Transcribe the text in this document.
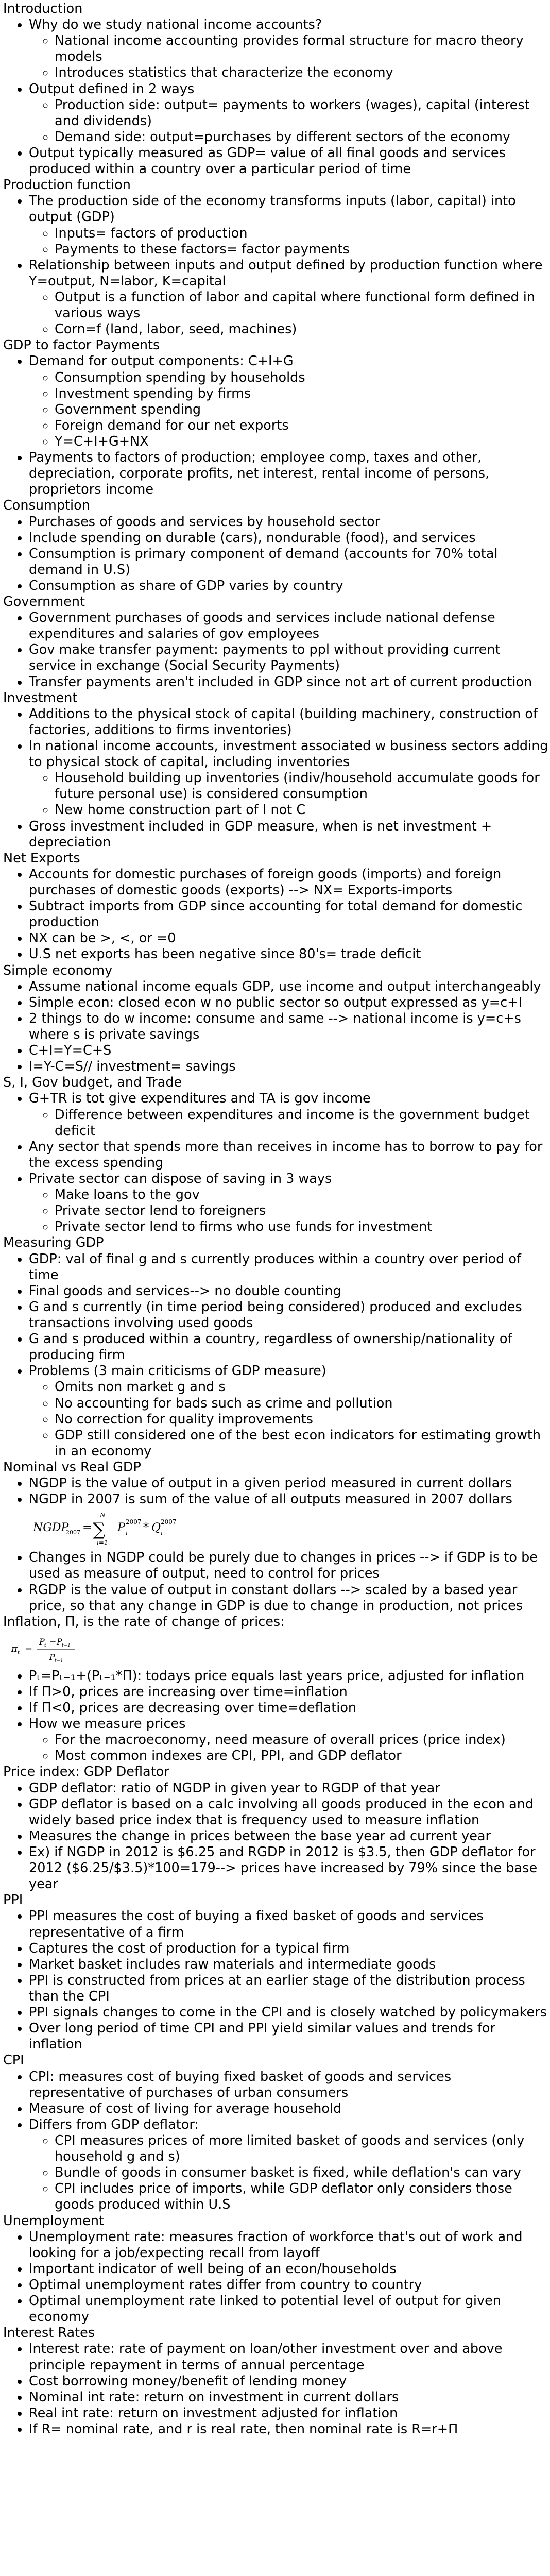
Introduction
• Why do we study national income accounts?
◦ National income accounting provides formal structure for macro theory models
◦ Introduces statistics that characterize the economy
• Output defined in 2 ways
◦ Production side: output= payments to workers (wages), capital (interest and dividends)
◦ Demand side: output=purchases by different sectors of the economy
• Output typically measured as GDP= value of all final goods and services produced within a country over a particular period of time
Production function
• The production side of the economy transforms inputs (labor, capital) into output (GDP)
◦ Inputs= factors of production
◦ Payments to these factors= factor payments
• Relationship between inputs and output defined by production function where Y=output, N=labor, K=capital
◦ Output is a function of labor and capital where functional form defined in various ways
◦ Corn=f (land, labor, seed, machines)
GDP to factor Payments
• Demand for output components: C+I+G
◦ Consumption spending by households
◦ Investment spending by firms
◦ Government spending
◦ Foreign demand for our net exports
◦ Y=C+I+G+NX
• Payments to factors of production; employee comp, taxes and other, depreciation, corporate profits, net interest, rental income of persons, proprietors income
Consumption
• Purchases of goods and services by household sector
• Include spending on durable (cars), nondurable (food), and services
• Consumption is primary component of demand (accounts for 70% total demand in U.S)
• Consumption as share of GDP varies by country
Government
• Government purchases of goods and services include national defense expenditures and salaries of gov employees
• Gov make transfer payment: payments to ppl without providing current service in exchange (Social Security Payments)
• Transfer payments aren't included in GDP since not art of current production
Investment
• Additions to the physical stock of capital (building machinery, construction of factories, additions to firms inventories)
• In national income accounts, investment associated w business sectors adding to physical stock of capital, including inventories
◦ Household building up inventories (indiv/household accumulate goods for future personal use) is considered consumption
◦ New home construction part of I not C
• Gross investment included in GDP measure, when is net investment + depreciation
Net Exports
• Accounts for domestic purchases of foreign goods (imports) and foreign purchases of domestic goods (exports) --> NX= Exports-imports
• Subtract imports from GDP since accounting for total demand for domestic production
• NX can be >, <, or =0
• U.S net exports has been negative since 80's= trade deficit
Simple economy
• Assume national income equals GDP, use income and output interchangeably
• Simple econ: closed econ w no public sector so output expressed as y=c+I
• 2 things to do w income: consume and same --> national income is y=c+s where s is private savings
• C+I=Y=C+S
• I=Y-C=S// investment= savings
S, I, Gov budget, and Trade
• G+TR is tot give expenditures and TA is gov income
◦ Difference between expenditures and income is the government budget deficit
• Any sector that spends more than receives in income has to borrow to pay for the excess spending
• Private sector can dispose of saving in 3 ways
◦ Make loans to the gov
◦ Private sector lend to foreigners
◦ Private sector lend to firms who use funds for investment
Measuring GDP
• GDP: val of final g and s currently produces within a country over period of time
• Final goods and services--> no double counting
• G and s currently (in time period being considered) produced and excludes transactions involving used goods
• G and s produced within a country, regardless of ownership/nationality of producing firm
• Problems (3 main criticisms of GDP measure)
◦ Omits non market g and s
◦ No accounting for bads such as crime and pollution
◦ No correction for quality improvements
◦ GDP still considered one of the best econ indicators for estimating growth in an economy
Nominal vs Real GDP
• NGDP is the value of output in a given period measured in current dollars
• NGDP in 2007 is sum of the value of all outputs measured in 2007 dollars
NGDP
2007 =
N
∑
i=1
P 2007
i * Q 2007
i
• Changes in NGDP could be purely due to changes in prices --> if GDP is to be used as measure of output, need to control for prices
• RGDP is the value of output in constant dollars --> scaled by a based year price, so that any change in GDP is due to change in production, not prices
Inflation, Π, is the rate of change of prices:
π t =
P t − P t−1
P t−1
• Pₜ=Pₜ₋₁+(Pₜ₋₁*Π): todays price equals last years price, adjusted for inflation
• If Π>0, prices are increasing over time=inflation
• If Π<0, prices are decreasing over time=deflation
• How we measure prices
◦ For the macroeconomy, need measure of overall prices (price index)
◦ Most common indexes are CPI, PPI, and GDP deflator
Price index: GDP Deflator
• GDP deflator: ratio of NGDP in given year to RGDP of that year
• GDP deflator is based on a calc involving all goods produced in the econ and widely based price index that is frequency used to measure inflation
• Measures the change in prices between the base year ad current year
• Ex) if NGDP in 2012 is $6.25 and RGDP in 2012 is $3.5, then GDP deflator for 2012 ($6.25/$3.5)*100=179--> prices have increased by 79% since the base year
PPI
• PPI measures the cost of buying a fixed basket of goods and services representative of a firm
• Captures the cost of production for a typical firm
• Market basket includes raw materials and intermediate goods
• PPI is constructed from prices at an earlier stage of the distribution process than the CPI
• PPI signals changes to come in the CPI and is closely watched by policymakers
• Over long period of time CPI and PPI yield similar values and trends for inflation
CPI
• CPI: measures cost of buying fixed basket of goods and services representative of purchases of urban consumers
• Measure of cost of living for average household
• Differs from GDP deflator:
◦ CPI measures prices of more limited basket of goods and services (only household g and s)
◦ Bundle of goods in consumer basket is fixed, while deflation's can vary
◦ CPI includes price of imports, while GDP deflator only considers those goods produced within U.S
Unemployment
• Unemployment rate: measures fraction of workforce that's out of work and looking for a job/expecting recall from layoff
• Important indicator of well being of an econ/households
• Optimal unemployment rates differ from country to country
• Optimal unemployment rate linked to potential level of output for given economy
Interest Rates
• Interest rate: rate of payment on loan/other investment over and above principle repayment in terms of annual percentage
• Cost borrowing money/benefit of lending money
• Nominal int rate: return on investment in current dollars
• Real int rate: return on investment adjusted for inflation
• If R= nominal rate, and r is real rate, then nominal rate is R=r+Π
